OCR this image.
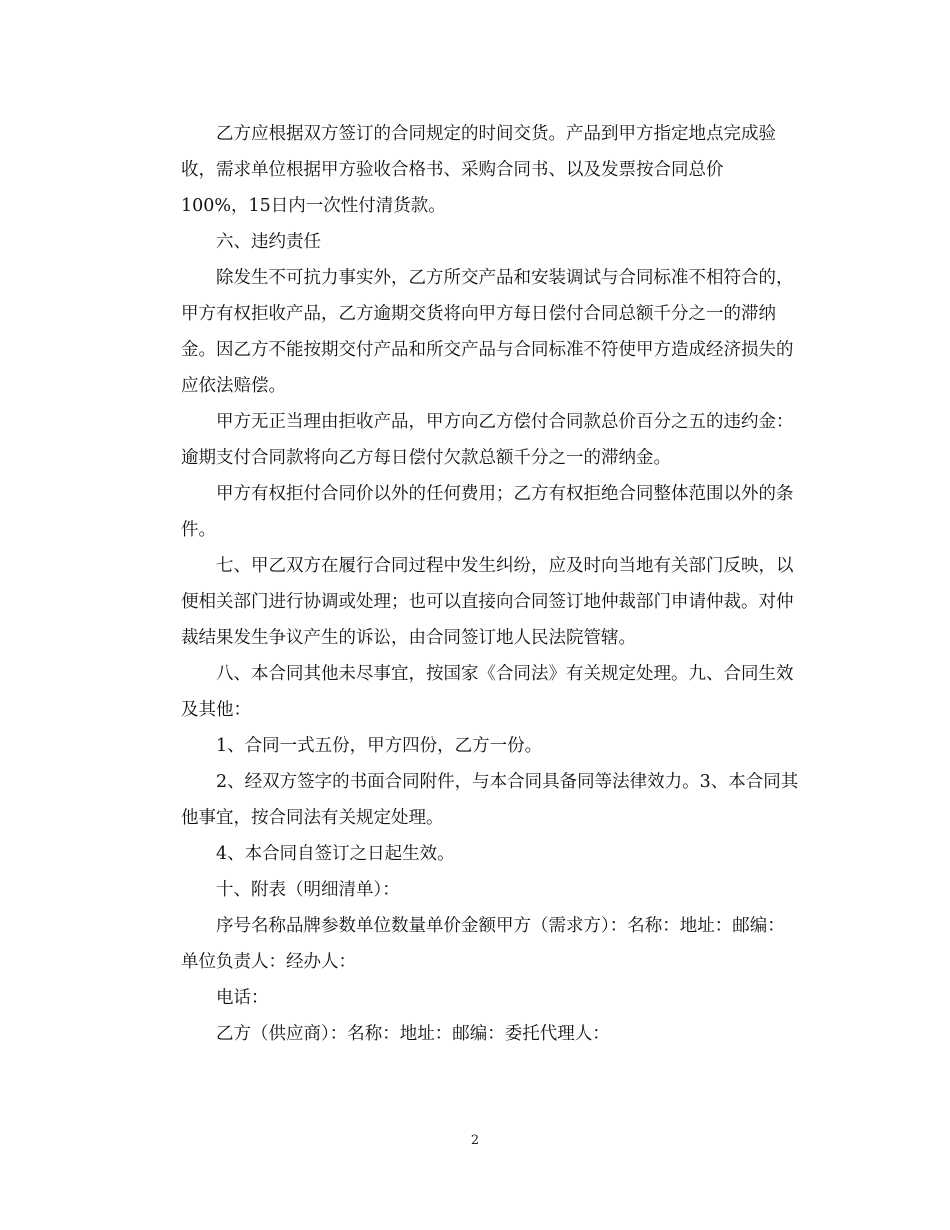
乙方应根据双方签订的合同规定的时间交货。产品到甲方指定地点完成验
收，需求单位根据甲方验收合格书、采购合同书、以及发票按合同总价
100%，15日内一次性付清货款。
六、违约责任
除发生不可抗力事实外，乙方所交产品和安装调试与合同标准不相符合的，
甲方有权拒收产品，乙方逾期交货将向甲方每日偿付合同总额千分之一的滞纳
金。因乙方不能按期交付产品和所交产品与合同标准不符使甲方造成经济损失的
应依法赔偿。
甲方无正当理由拒收产品，甲方向乙方偿付合同款总价百分之五的违约金：
逾期支付合同款将向乙方每日偿付欠款总额千分之一的滞纳金。
甲方有权拒付合同价以外的任何费用；乙方有权拒绝合同整体范围以外的条
件。
七、甲乙双方在履行合同过程中发生纠纷，应及时向当地有关部门反映，以
便相关部门进行协调或处理；也可以直接向合同签订地仲裁部门申请仲裁。对仲
裁结果发生争议产生的诉讼，由合同签订地人民法院管辖。
八、本合同其他未尽事宜，按国家《合同法》有关规定处理。九、合同生效
及其他：
1、合同一式五份，甲方四份，乙方一份。
2、经双方签字的书面合同附件，与本合同具备同等法律效力。3、本合同其
他事宜，按合同法有关规定处理。
4、本合同自签订之日起生效。
十、附表（明细清单）：
序号名称品牌参数单位数量单价金额甲方（需求方）：名称：地址：邮编：
单位负责人：经办人：
电话：
乙方（供应商）：名称：地址：邮编：委托代理人：
2
